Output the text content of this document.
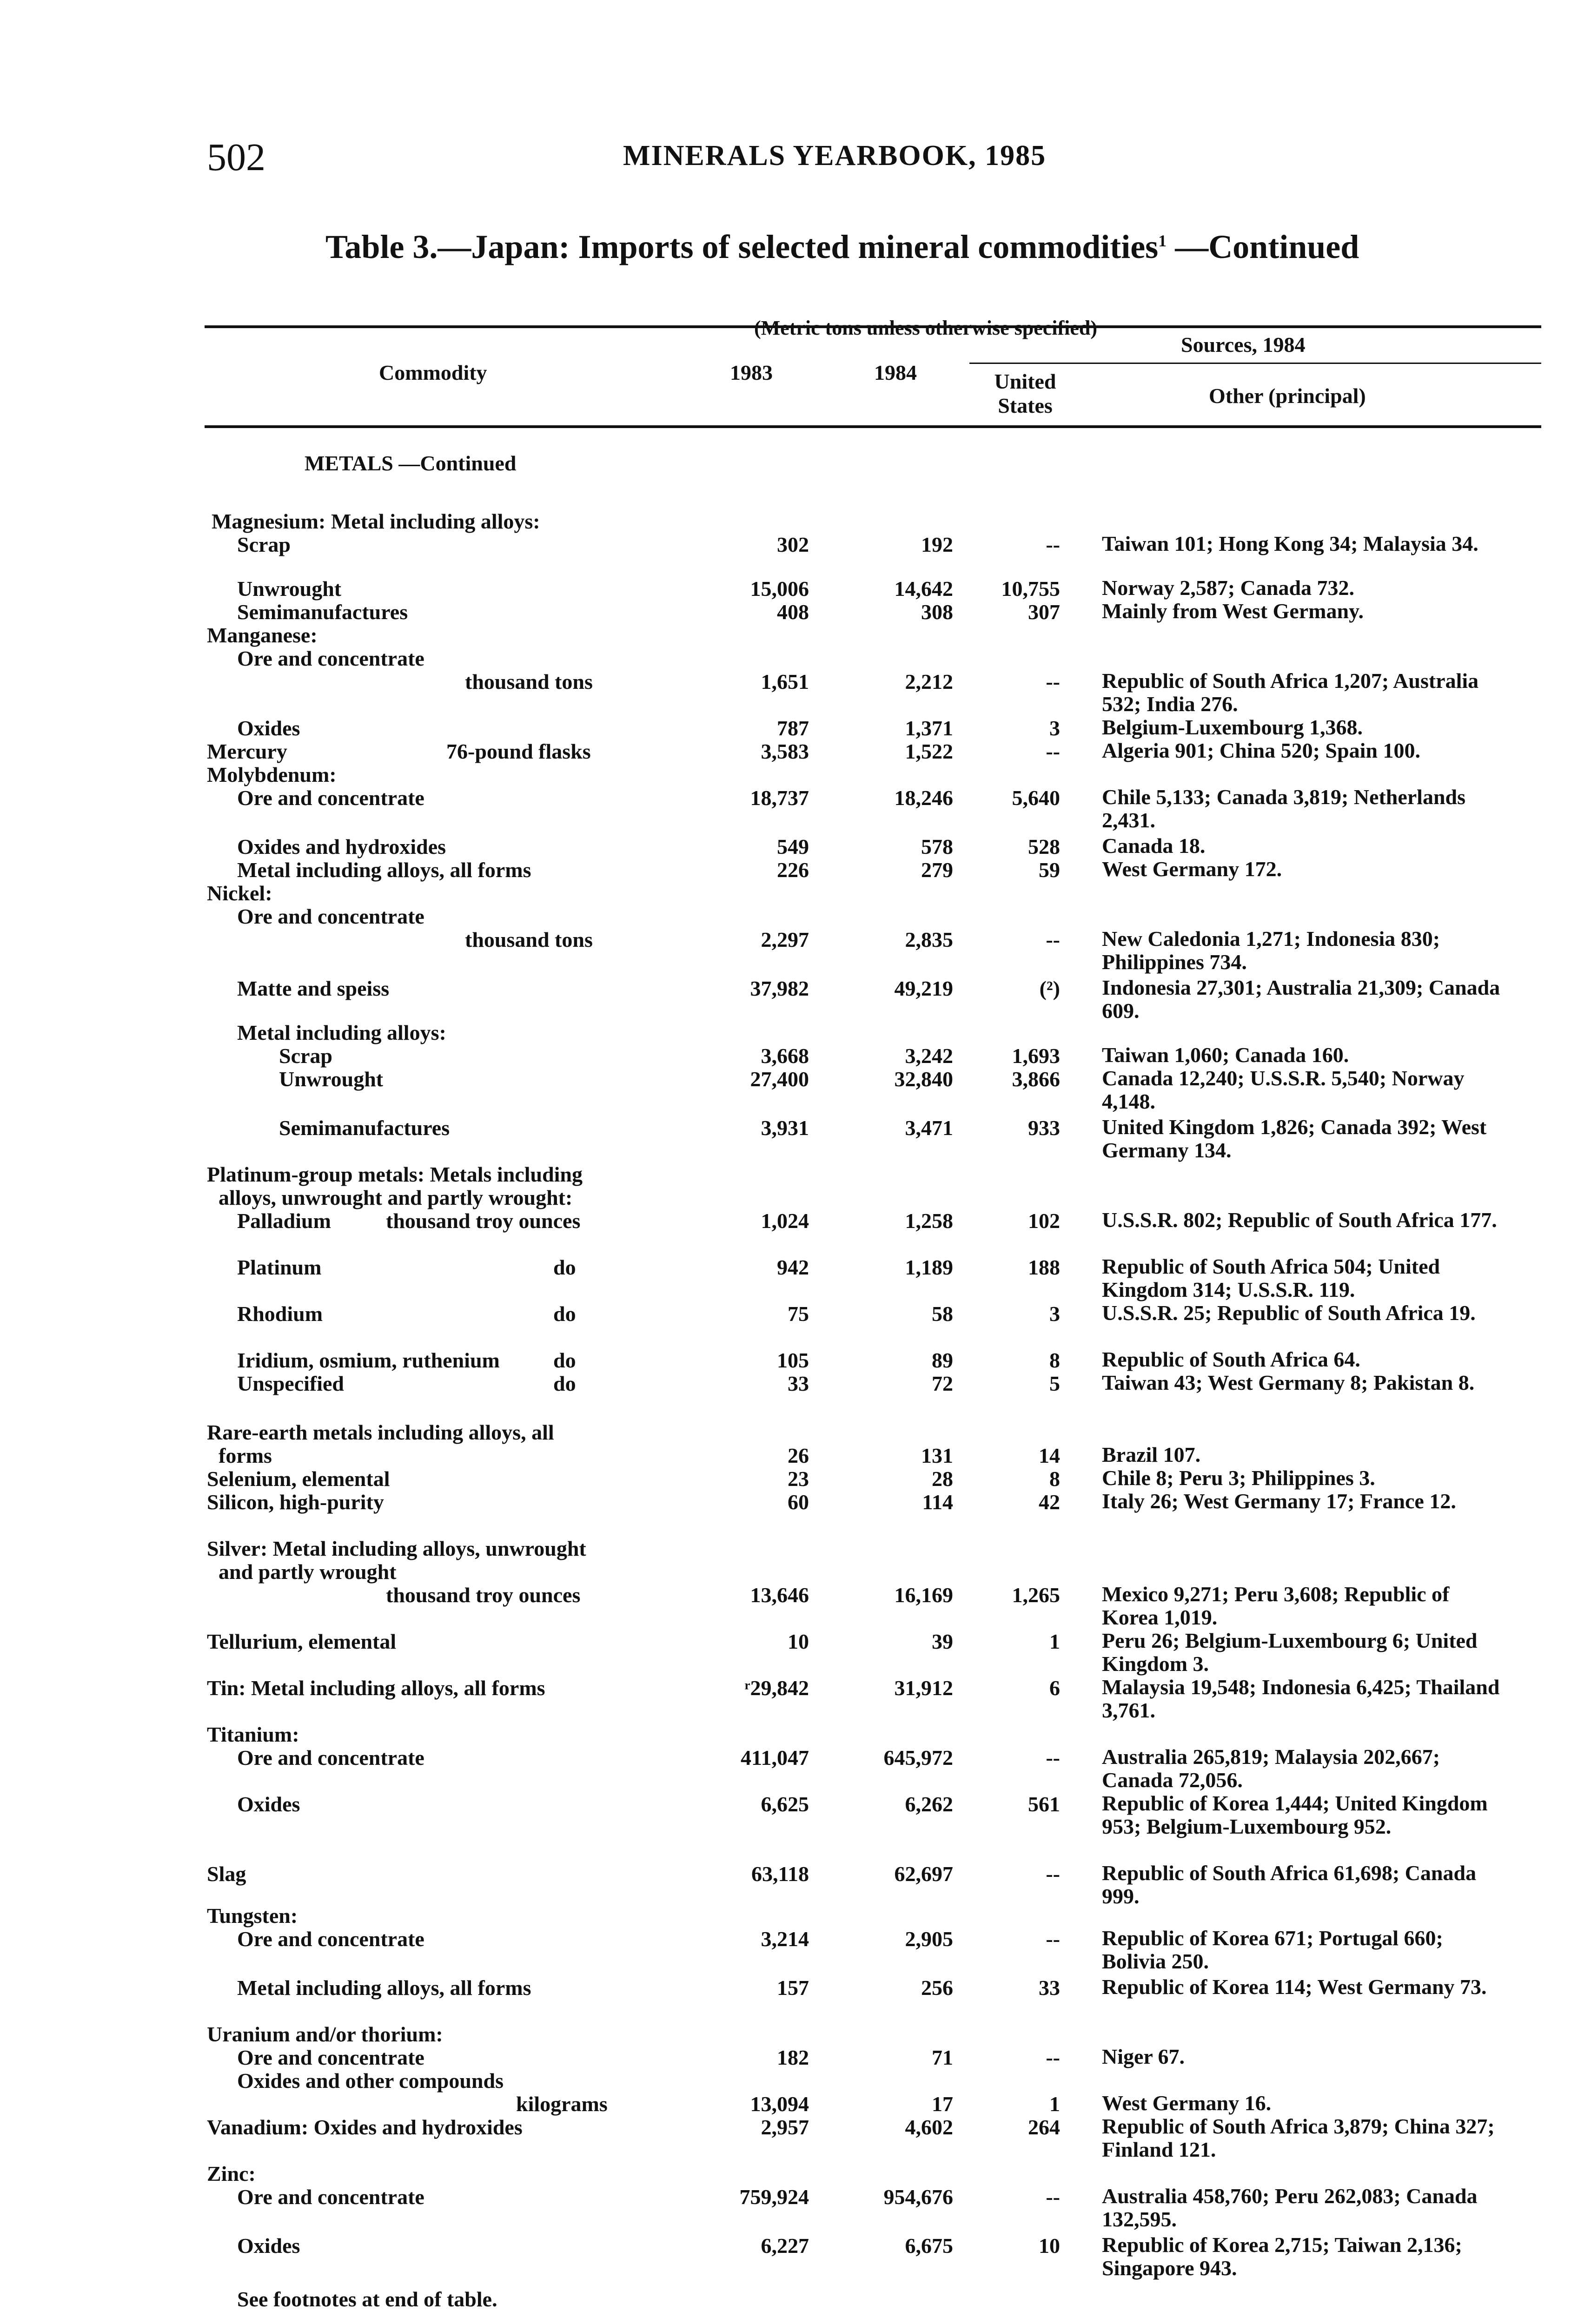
502	MINERALS YEARBOOK, 1985
Table 3.—Japan: Imports of selected mineral commodities$^1$ —Continued
(Metric tons unless otherwise specified)
Commodity	1983	1984
Sources, 1984
United States	Other (principal)
METALS —Continued
Magnesium: Metal including alloys:
Scrap	302	192	-- Taiwan 101; Hong Kong 34; Malaysia 34.
Unwrought	15,006	14,642	10,755 Norway 2,587; Canada 732.
Semimanufactures	408	308	307 Mainly from West Germany.
Manganese:
Ore and concentrate
thousand tons	1,651	2,212	-- Republic of South Africa 1,207; Australia 532; India 276.
Oxides	787	1,371	3 Belgium-Luxembourg 1,368.
Mercury	76-pound flasks	3,583	1,522	-- Algeria 901; China 520; Spain 100.
Molybdenum:
Ore and concentrate	18,737	18,246	5,640 Chile 5,133; Canada 3,819; Netherlands 2,431.
Oxides and hydroxides	549	578	528 Canada 18.
Metal including alloys, all forms	226	279	59 West Germany 172.
Nickel:
Ore and concentrate
thousand tons	2,297	2,835	-- New Caledonia 1,271; Indonesia 830; Philippines 734.
Matte and speiss	37,982	49,219	(²) Indonesia 27,301; Australia 21,309; Canada 609.
Metal including alloys:
Scrap	3,668	3,242	1,693 Taiwan 1,060; Canada 160.
Unwrought	27,400	32,840	3,866 Canada 12,240; U.S.S.R. 5,540; Norway 4,148.
Semimanufactures	3,931	3,471	933 United Kingdom 1,826; Canada 392; West Germany 134.
Platinum-group metals: Metals including
alloys, unwrought and partly wrought:
Palladium	thousand troy ounces	1,024	1,258	102 U.S.S.R. 802; Republic of South Africa 177.
Platinum	do	942	1,189	188 Republic of South Africa 504; United Kingdom 314; U.S.S.R. 119.
Rhodium	do	75	58	3 U.S.S.R. 25; Republic of South Africa 19.
Iridium, osmium, ruthenium	do	105	89	8 Republic of South Africa 64.
Unspecified	do	33	72	5 Taiwan 43; West Germany 8; Pakistan 8.
Rare-earth metals including alloys, all
forms	26	131	14 Brazil 107.
Selenium, elemental	23	28	8 Chile 8; Peru 3; Philippines 3.
Silicon, high-purity	60	114	42 Italy 26; West Germany 17; France 12.
Silver: Metal including alloys, unwrought
and partly wrought
thousand troy ounces	13,646	16,169	1,265 Mexico 9,271; Peru 3,608; Republic of Korea 1,019.
Tellurium, elemental	10	39	1 Peru 26; Belgium-Luxembourg 6; United Kingdom 3.
Tin: Metal including alloys, all forms	ʳ29,842	31,912	6 Malaysia 19,548; Indonesia 6,425; Thailand 3,761.
Titanium:
Ore and concentrate	411,047	645,972	-- Australia 265,819; Malaysia 202,667; Canada 72,056.
Oxides	6,625	6,262	561 Republic of Korea 1,444; United Kingdom 953; Belgium-Luxembourg 952.
Slag	63,118	62,697	-- Republic of South Africa 61,698; Canada 999.
Tungsten:
Ore and concentrate	3,214	2,905	-- Republic of Korea 671; Portugal 660; Bolivia 250.
Metal including alloys, all forms	157	256	33 Republic of Korea 114; West Germany 73.
Uranium and/or thorium:
Ore and concentrate	182	71	-- Niger 67.
Oxides and other compounds
kilograms	13,094	17	1 West Germany 16.
Vanadium: Oxides and hydroxides	2,957	4,602	264 Republic of South Africa 3,879; China 327; Finland 121.
Zinc:
Ore and concentrate	759,924	954,676	-- Australia 458,760; Peru 262,083; Canada 132,595.
Oxides	6,227	6,675	10 Republic of Korea 2,715; Taiwan 2,136; Singapore 943.
See footnotes at end of table.
